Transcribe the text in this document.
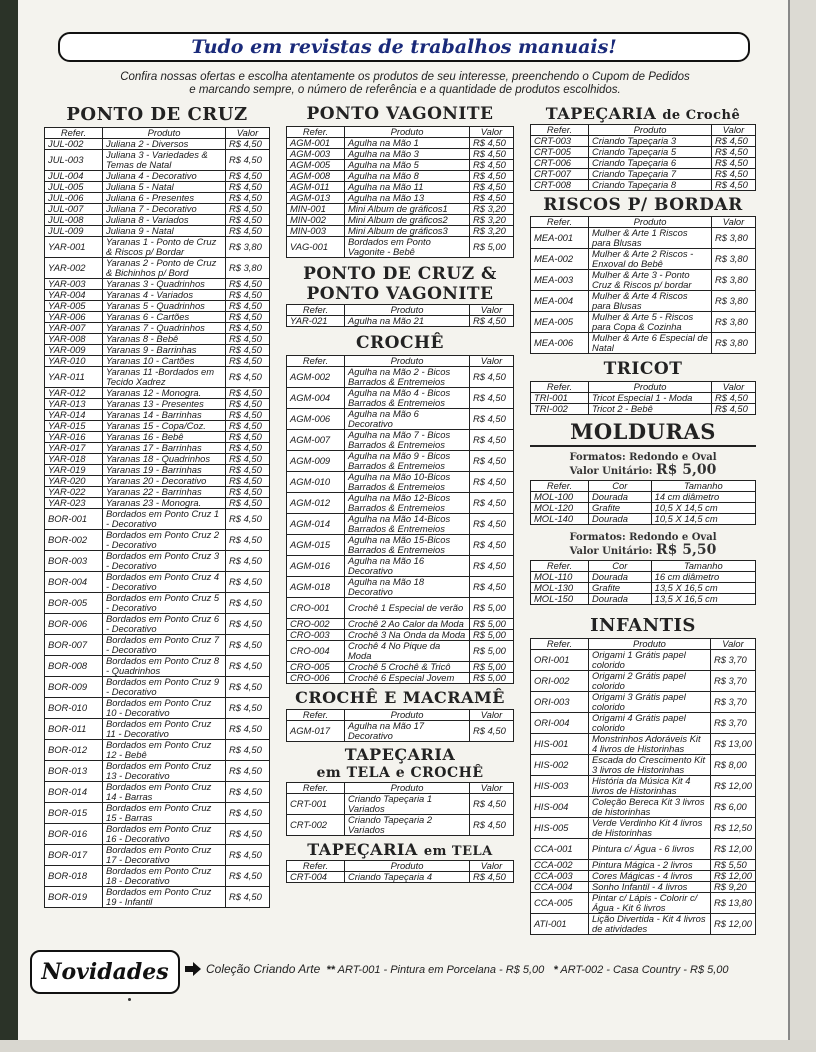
Tudo em revistas de trabalhos manuais!
Confira nossas ofertas e escolha atentamente os produtos de seu interesse, preenchendo o Cupom de Pedidos
e marcando sempre, o número de referência e a quantidade de produtos escolhidos.
PONTO DE CRUZ
Refer.	Produto	Valor
JUL-002	Juliana 2 - Diversos	R$ 4,50
JUL-003	Juliana 3 - Variedades & Temas de Natal	R$ 4,50
JUL-004	Juliana 4 - Decorativo	R$ 4,50
JUL-005	Juliana 5 - Natal	R$ 4,50
JUL-006	Juliana 6 - Presentes	R$ 4,50
JUL-007	Juliana 7 - Decorativo	R$ 4,50
JUL-008	Juliana 8 - Variados	R$ 4,50
JUL-009	Juliana 9 - Natal	R$ 4,50
YAR-001	Yaranas 1 - Ponto de Cruz & Riscos p/ Bordar	R$ 3,80
YAR-002	Yaranas 2 - Ponto de Cruz & Bichinhos p/ Bord	R$ 3,80
YAR-003	Yaranas 3 - Quadrinhos	R$ 4,50
YAR-004	Yaranas 4 - Variados	R$ 4,50
YAR-005	Yaranas 5 - Quadrinhos	R$ 4,50
YAR-006	Yaranas 6 - Cartões	R$ 4,50
YAR-007	Yaranas 7 - Quadrinhos	R$ 4,50
YAR-008	Yaranas 8 - Bebê	R$ 4,50
YAR-009	Yaranas 9 - Barrinhas	R$ 4,50
YAR-010	Yaranas 10 - Cartões	R$ 4,50
YAR-011	Yaranas 11 -Bordados em Tecido Xadrez	R$ 4,50
YAR-012	Yaranas 12 - Monogra.	R$ 4,50
YAR-013	Yaranas 13 - Presentes	R$ 4,50
YAR-014	Yaranas 14 - Barrinhas	R$ 4,50
YAR-015	Yaranas 15 - Copa/Coz.	R$ 4,50
YAR-016	Yaranas 16 - Bebê	R$ 4,50
YAR-017	Yaranas 17 - Barrinhas	R$ 4,50
YAR-018	Yaranas 18 - Quadrinhos	R$ 4,50
YAR-019	Yaranas 19 - Barrinhas	R$ 4,50
YAR-020	Yaranas 20 - Decorativo	R$ 4,50
YAR-022	Yaranas 22 - Barrinhas	R$ 4,50
YAR-023	Yaranas 23 - Monogra.	R$ 4,50
BOR-001	Bordados em Ponto Cruz 1 - Decorativo	R$ 4,50
BOR-002	Bordados em Ponto Cruz 2 - Decorativo	R$ 4,50
BOR-003	Bordados em Ponto Cruz 3 - Decorativo	R$ 4,50
BOR-004	Bordados em Ponto Cruz 4 - Decorativo	R$ 4,50
BOR-005	Bordados em Ponto Cruz 5 - Decorativo	R$ 4,50
BOR-006	Bordados em Ponto Cruz 6 - Decorativo	R$ 4,50
BOR-007	Bordados em Ponto Cruz 7 - Decorativo	R$ 4,50
BOR-008	Bordados em Ponto Cruz 8 - Quadrinhos	R$ 4,50
BOR-009	Bordados em Ponto Cruz 9 - Decorativo	R$ 4,50
BOR-010	Bordados em Ponto Cruz 10 - Decorativo	R$ 4,50
BOR-011	Bordados em Ponto Cruz 11 - Decorativo	R$ 4,50
BOR-012	Bordados em Ponto Cruz 12 - Bebê	R$ 4,50
BOR-013	Bordados em Ponto Cruz 13 - Decorativo	R$ 4,50
BOR-014	Bordados em Ponto Cruz 14 - Barras	R$ 4,50
BOR-015	Bordados em Ponto Cruz 15 - Barras	R$ 4,50
BOR-016	Bordados em Ponto Cruz 16 - Decorativo	R$ 4,50
BOR-017	Bordados em Ponto Cruz 17 - Decorativo	R$ 4,50
BOR-018	Bordados em Ponto Cruz 18 - Decorativo	R$ 4,50
BOR-019	Bordados em Ponto Cruz 19 - Infantil	R$ 4,50
PONTO VAGONITE
Refer.	Produto	Valor
AGM-001	Agulha na Mão 1	R$ 4,50
AGM-003	Agulha na Mão 3	R$ 4,50
AGM-005	Agulha na Mão 5	R$ 4,50
AGM-008	Agulha na Mão 8	R$ 4,50
AGM-011	Agulha na Mão 11	R$ 4,50
AGM-013	Agulha na Mão 13	R$ 4,50
MIN-001	Mini Album de gráficos1	R$ 3,20
MIN-002	Mini Album de gráficos2	R$ 3,20
MIN-003	Mini Album de gráficos3	R$ 3,20
VAG-001	Bordados em Ponto Vagonite - Bebê	R$ 5,00
PONTO DE CRUZ &
PONTO VAGONITE
Refer.	Produto	Valor
YAR-021	Agulha na Mão 21	R$ 4,50
CROCHÊ
Refer.	Produto	Valor
AGM-002	Agulha na Mão 2 - Bicos Barrados & Entremeios	R$ 4,50
AGM-004	Agulha na Mão 4 - Bicos Barrados & Entremeios	R$ 4,50
AGM-006	Agulha na Mão 6 Decorativo	R$ 4,50
AGM-007	Agulha na Mão 7 - Bicos Barrados & Entremeios	R$ 4,50
AGM-009	Agulha na Mão 9 - Bicos Barrados & Entremeios	R$ 4,50
AGM-010	Agulha na Mão 10-Bicos Barrados & Entremeios	R$ 4,50
AGM-012	Agulha na Mão 12-Bicos Barrados & Entremeios	R$ 4,50
AGM-014	Agulha na Mão 14-Bicos Barrados & Entremeios	R$ 4,50
AGM-015	Agulha na Mão 15-Bicos Barrados & Entremeios	R$ 4,50
AGM-016	Agulha na Mão 16 Decorativo	R$ 4,50
AGM-018	Agulha na Mão 18 Decorativo	R$ 4,50
CRO-001	Crochê 1 Especial de verão	R$ 5,00
CRO-002	Crochê 2 Ao Calor da Moda	R$ 5,00
CRO-003	Crochê 3 Na Onda da Moda	R$ 5,00
CRO-004	Crochê 4 No Pique da Moda	R$ 5,00
CRO-005	Crochê 5 Crochê & Tricô	R$ 5,00
CRO-006	Crochê 6 Especial Jovem	R$ 5,00
CROCHÊ E MACRAMÊ
Refer.	Produto	Valor
AGM-017	Agulha na Mão 17 Decorativo	R$ 4,50
TAPEÇARIA
em TELA e CROCHÊ
Refer.	Produto	Valor
CRT-001	Criando Tapeçaria 1 Variados	R$ 4,50
CRT-002	Criando Tapeçaria 2 Variados	R$ 4,50
TAPEÇARIA em TELA
Refer.	Produto	Valor
CRT-004	Criando Tapeçaria 4	R$ 4,50
TAPEÇARIA de Crochê
Refer.	Produto	Valor
CRT-003	Criando Tapeçaria 3	R$ 4,50
CRT-005	Criando Tapeçaria 5	R$ 4,50
CRT-006	Criando Tapeçaria 6	R$ 4,50
CRT-007	Criando Tapeçaria 7	R$ 4,50
CRT-008	Criando Tapeçaria 8	R$ 4,50
RISCOS P/ BORDAR
Refer.	Produto	Valor
MEA-001	Mulher & Arte 1 Riscos para Blusas	R$ 3,80
MEA-002	Mulher & Arte 2 Riscos - Enxoval do Bebê	R$ 3,80
MEA-003	Mulher & Arte 3 - Ponto Cruz & Riscos p/ bordar	R$ 3,80
MEA-004	Mulher & Arte 4 Riscos para Blusas	R$ 3,80
MEA-005	Mulher & Arte 5 - Riscos para Copa & Cozinha	R$ 3,80
MEA-006	Mulher & Arte 6 Especial de Natal	R$ 3,80
TRICOT
Refer.	Produto	Valor
TRI-001	Tricot Especial 1 - Moda	R$ 4,50
TRI-002	Tricot 2 - Bebê	R$ 4,50
MOLDURAS
Formatos: Redondo e Oval
Valor Unitário: R$ 5,00
Refer.	Cor	Tamanho
MOL-100	Dourada	14 cm diâmetro
MOL-120	Grafite	10,5 X 14,5 cm
MOL-140	Dourada	10,5 X 14,5 cm
Formatos: Redondo e Oval
Valor Unitário: R$ 5,50
Refer.	Cor	Tamanho
MOL-110	Dourada	16 cm diâmetro
MOL-130	Grafite	13,5 X 16,5 cm
MOL-150	Dourada	13,5 X 16,5 cm
INFANTIS
Refer.	Produto	Valor
ORI-001	Origami 1 Grátis papel colorido	R$ 3,70
ORI-002	Origami 2 Grátis papel colorido	R$ 3,70
ORI-003	Origami 3 Grátis papel colorido	R$ 3,70
ORI-004	Origami 4 Grátis papel colorido	R$ 3,70
HIS-001	Monstrinhos Adoráveis Kit 4 livros de Historinhas	R$ 13,00
HIS-002	Escada do Crescimento Kit 3 livros de Historinhas	R$ 8,00
HIS-003	História da Música Kit 4 livros de Historinhas	R$ 12,00
HIS-004	Coleção Bereca Kit 3 livros de historinhas	R$ 6,00
HIS-005	Verde Verdinho Kit 4 livros de Historinhas	R$ 12,50
CCA-001	Pintura c/ Água - 6 livros	R$ 12,00
CCA-002	Pintura Mágica - 2 livros	R$ 5,50
CCA-003	Cores Mágicas - 4 livros	R$ 12,00
CCA-004	Sonho Infantil - 4 livros	R$ 9,20
CCA-005	Pintar c/ Lápis - Colorir c/ Água - Kit 6 livros	R$ 13,80
ATI-001	Lição Divertida - Kit 4 livros de atividades	R$ 12,00
Novidades	Coleção Criando Arte ** ART-001 - Pintura em Porcelana - R$ 5,00 * ART-002 - Casa Country - R$ 5,00
